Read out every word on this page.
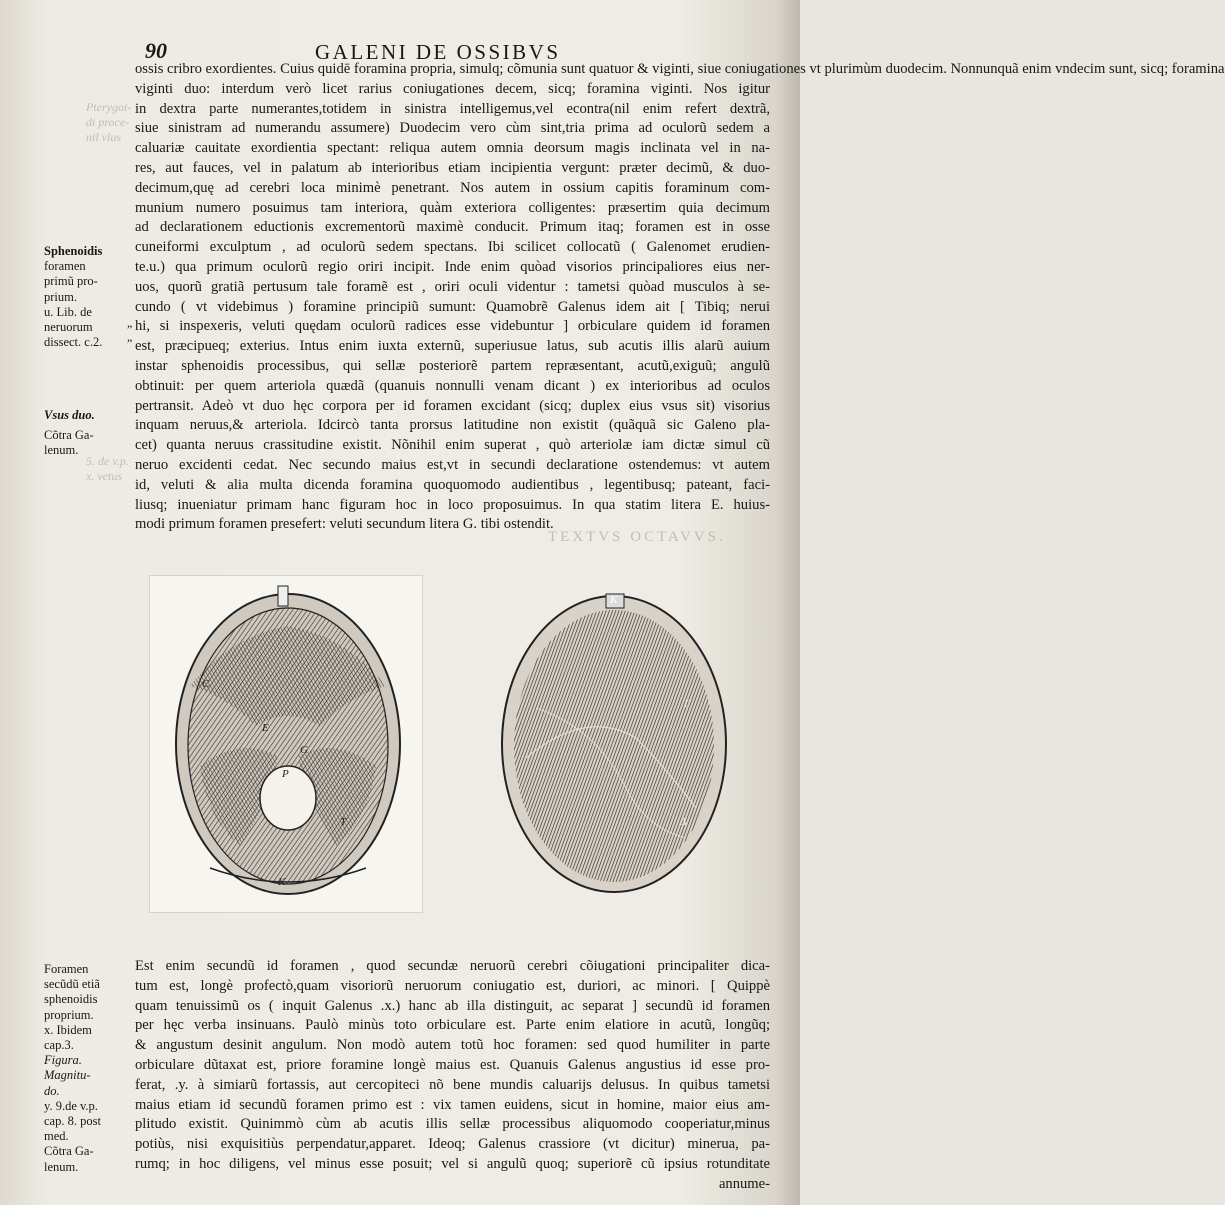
90	GALENI DE OSSIBVS
TEXTVS OCTAVVS.
Pterygoi-
di proce-
nil vlus
5. de v.p.
x. vetus
ossis cribro exordientes. Cuius quidē foramina propria, simulq; cõmunia sunt quatuor & viginti, siue coniugationes vt plurimùm duodecim. Nonnunquã enim vndecim sunt, sicq; foramina
viginti duo: interdum verò licet rarius coniugationes decem, sicq; foramina viginti. Nos igitur
in dextra parte numerantes,totidem in sinistra intelligemus,vel econtra(nil enim refert dextrã,
siue sinistram ad numerandu assumere) Duodecim vero cùm sint,tria prima ad oculorũ sedem a
caluariæ cauitate exordientia spectant: reliqua autem omnia deorsum magis inclinata vel in na-
res, aut fauces, vel in palatum ab interioribus etiam incipientia vergunt: præter decimũ, & duo-
decimum,quę ad cerebri loca minimè penetrant. Nos autem in ossium capitis foraminum com-
munium numero posuimus tam interiora, quàm exteriora colligentes: præsertim quia decimum
ad declarationem eductionis excrementorũ maximè conducit. Primum itaq; foramen est in osse
cuneiformi exculptum , ad oculorũ sedem spectans. Ibi scilicet collocatũ ( Galenomet erudien-
te.u.) qua primum oculorũ regio oriri incipit. Inde enim quòad visorios principaliores eius ner-
uos, quorũ gratiã pertusum tale foramẽ est , oriri oculi videntur : tametsi quòad musculos à se-
cundo ( vt videbimus ) foramine principiũ sumunt: Quamobrẽ Galenus idem ait [ Tibiq; nerui
hi, si inspexeris, veluti quędam oculorũ radices esse videbuntur ] orbiculare quidem id foramen
est, præcipueq; exterius. Intus enim iuxta externũ, superiusue latus, sub acutis illis alarũ auium
instar sphenoidis processibus, qui sellæ posteriorẽ partem repræsentant, acutũ,exiguũ; angulũ
obtinuit: per quem arteriola quædã (quanuis nonnulli venam dicant ) ex interioribus ad oculos
pertransit. Adeò vt duo hęc corpora per id foramen excidant (sicq; duplex eius vsus sit) visorius
inquam neruus,& arteriola. Idcircò tanta prorsus latitudine non existit (quãquã sic Galeno pla-
cet) quanta neruus crassitudine existit. Nõnihil enim superat , quò arteriolæ iam dictæ simul cũ
neruo excidenti cedat. Nec secundo maius est,vt in secundi declaratione ostendemus: vt autem
id, veluti & alia multa dicenda foramina quoquomodo audientibus , legentibusq; pateant, faci-
liusq; inueniatur primam hanc figuram hoc in loco proposuimus. In qua statim litera E. huius-
modi primum foramen presefert: veluti secundum litera G. tibi ostendit.
Sphenoidis
foramen
primũ pro-
prium.
u. Lib. de
neruorum
dissect. c.2.
”
”
Vsus duo.
Cõtra Ga-
lenum.
C
E
G
P
K
T
K
Γ
Δ
Est enim secundũ id foramen , quod secundæ neruorũ cerebri cõiugationi principaliter dica-
tum est, longè profectò,quam visoriorũ neruorum coniugatio est, duriori, ac minori. [ Quippè
quam tenuissimũ os ( inquit Galenus .x.) hanc ab illa distinguit, ac separat ] secundũ id foramen
per hęc verba insinuans. Paulò minùs toto orbiculare est. Parte enim elatiore in acutũ, longũq;
& angustum desinit angulum. Non modò autem totũ hoc foramen: sed quod humiliter in parte
orbiculare dũtaxat est, priore foramine longè maius est. Quanuis Galenus angustius id esse pro-
ferat, .y. à simiarũ fortassis, aut cercopiteci nõ bene mundis caluarijs delusus. In quibus tametsi
maius etiam id secundũ foramen primo est : vix tamen euidens, sicut in homine, maior eius am-
plitudo existit. Quinimmò cùm ab acutis illis sellæ processibus aliquomodo cooperiatur,minus
potiùs, nisi exquisitiùs perpendatur,apparet. Ideoq; Galenus crassiore (vt dicitur) minerua, pa-
rumq; in hoc diligens, vel minus esse posuit; vel si angulũ quoq; superiorẽ cũ ipsius rotunditate
annume-
Foramen
secũdũ etiã
sphenoidis
proprium.
x. Ibidem
cap.3.
Figura.
Magnitu-
do.
y. 9.de v.p.
cap. 8. post
med.
Cõtra Ga-
lenum.
